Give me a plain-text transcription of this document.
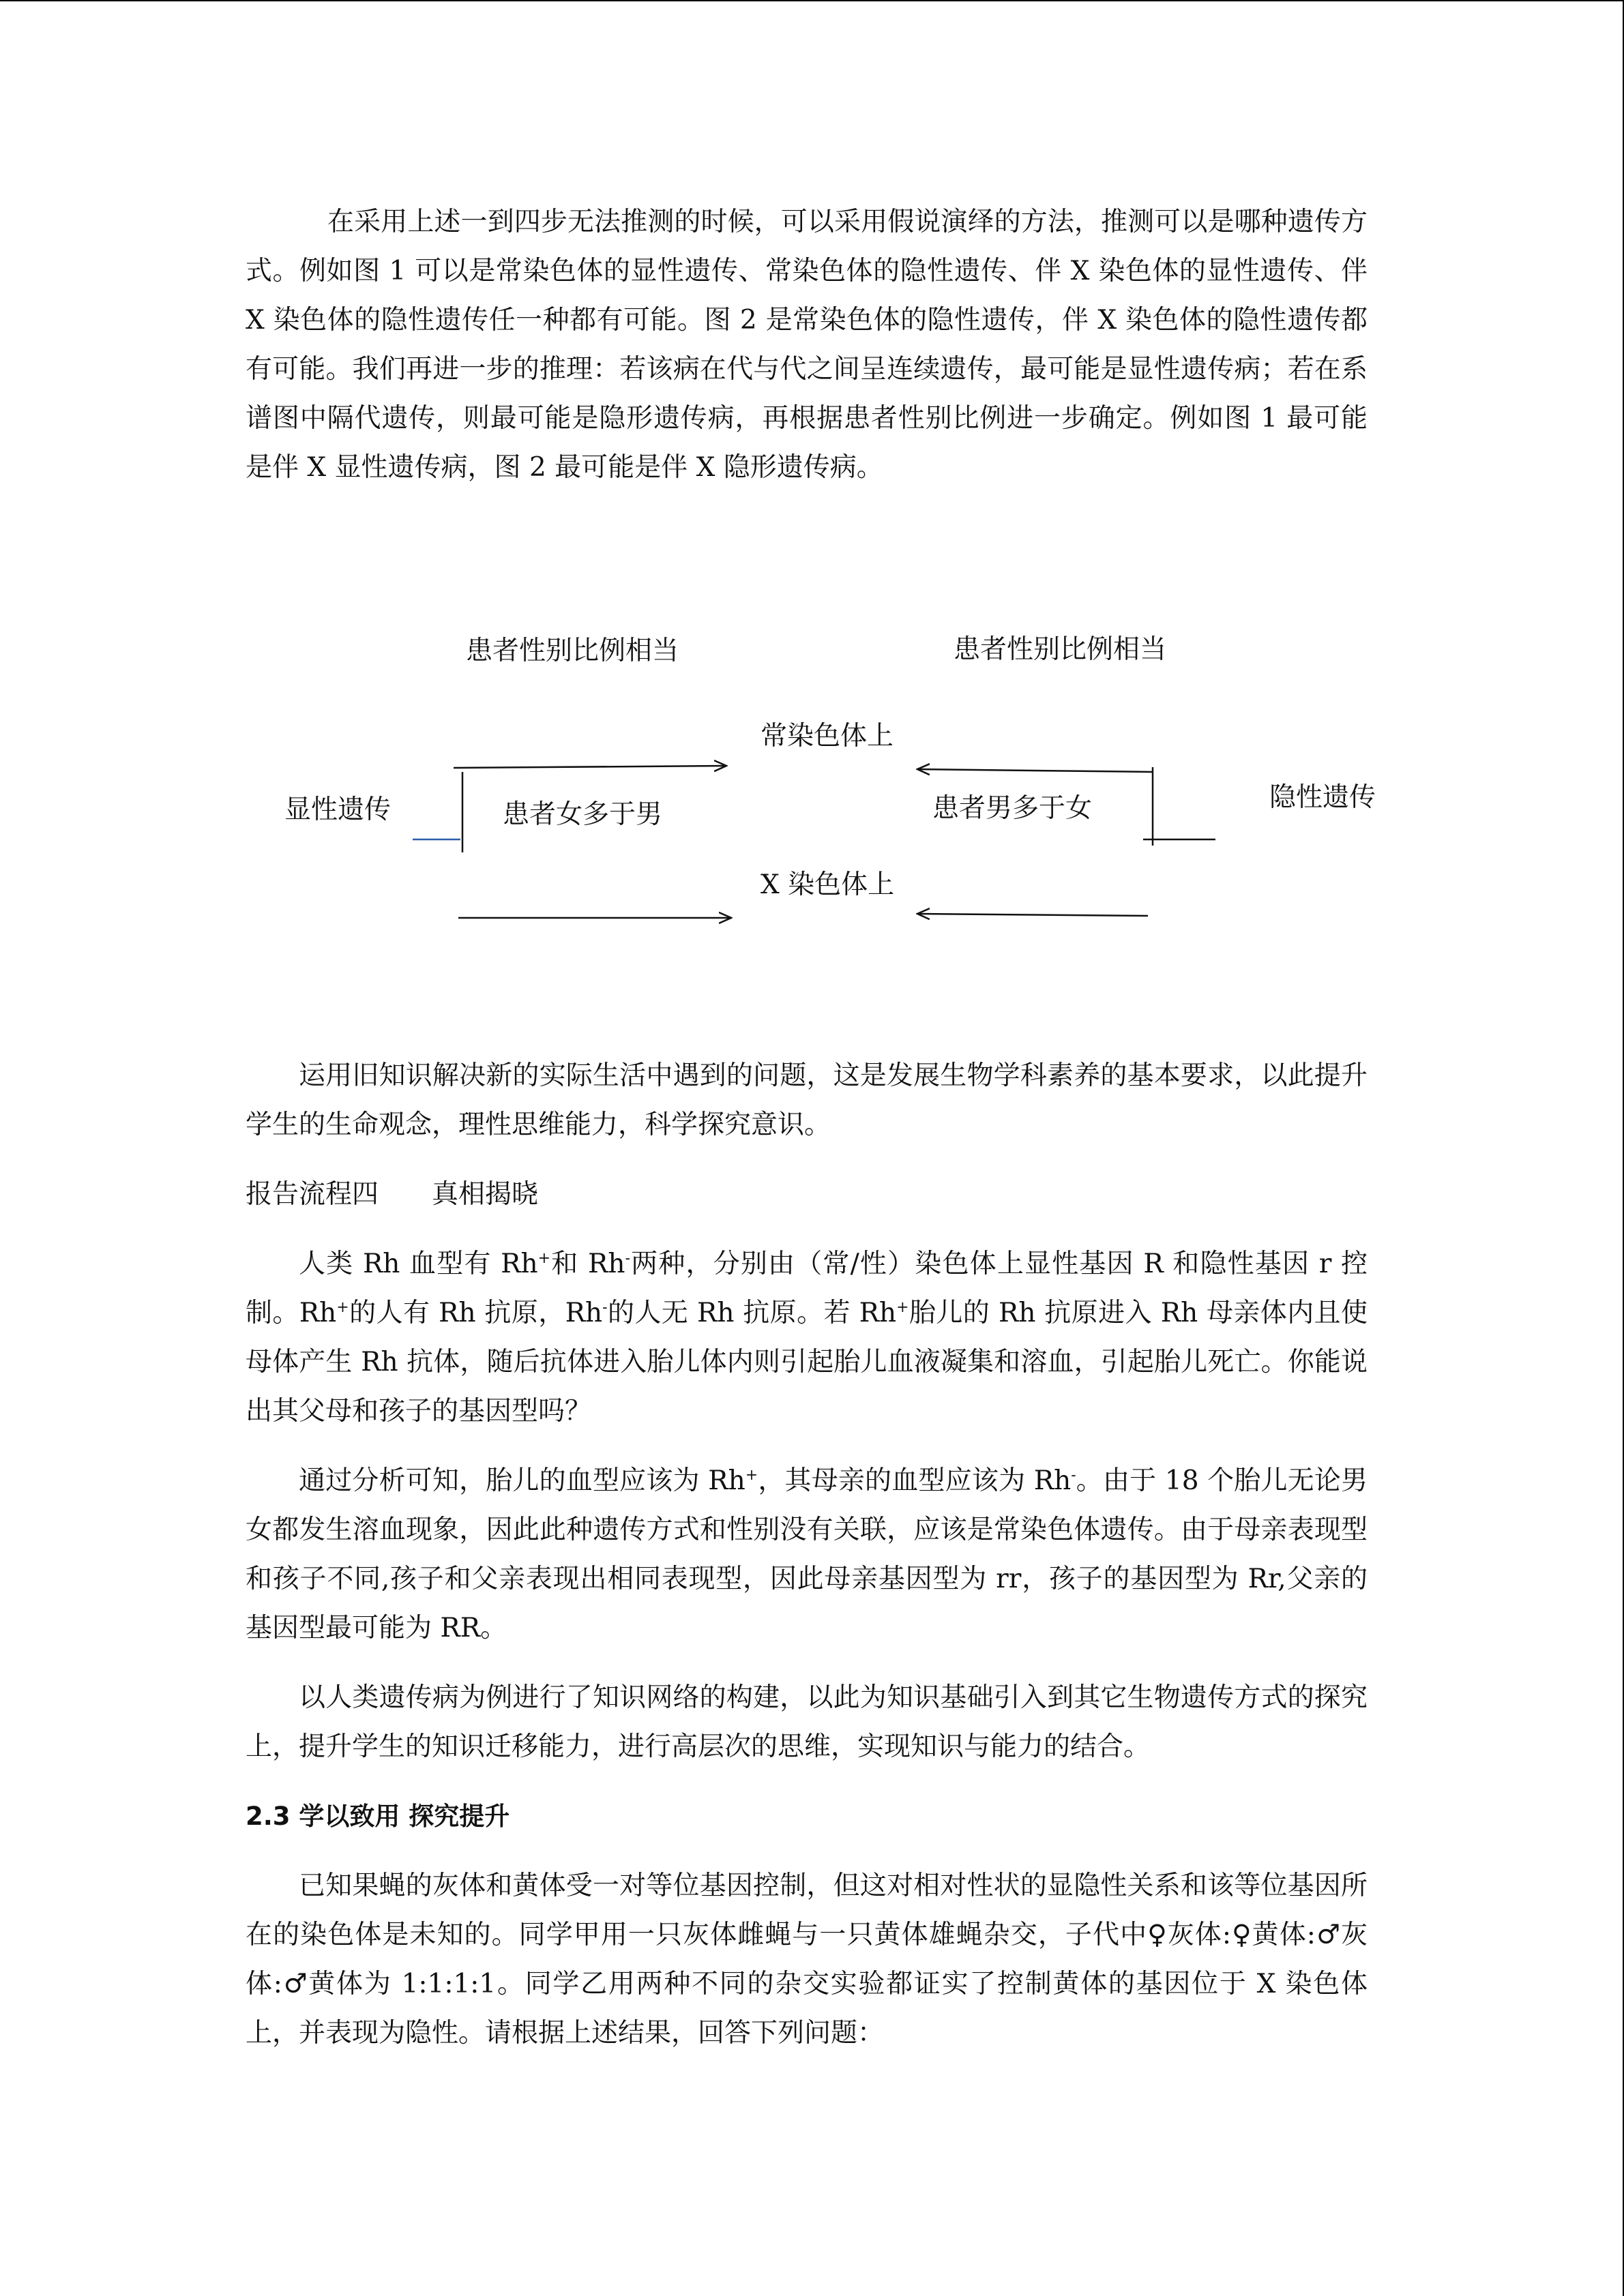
在采用上述一到四步无法推测的时候，可以采用假说演绎的方法，推测可以是哪种遗传方式。例如图 1 可以是常染色体的显性遗传、常染色体的隐性遗传、伴 X 染色体的显性遗传、伴 X 染色体的隐性遗传任一种都有可能。图 2 是常染色体的隐性遗传，伴 X 染色体的隐性遗传都有可能。我们再进一步的推理：若该病在代与代之间呈连续遗传，最可能是显性遗传病；若在系谱图中隔代遗传，则最可能是隐形遗传病，再根据患者性别比例进一步确定。例如图 1 最可能是伴 X 显性遗传病，图 2 最可能是伴 X 隐形遗传病。

患者性别比例相当	患者性别比例相当
常染色体上
显性遗传	患者女多于男	患者男多于女	隐性遗传
X 染色体上

运用旧知识解决新的实际生活中遇到的问题，这是发展生物学科素养的基本要求，以此提升学生的生命观念，理性思维能力，科学探究意识。

报告流程四　　真相揭晓

人类 Rh 血型有 Rh+和 Rh-两种，分别由（常/性）染色体上显性基因 R 和隐性基因 r 控制。Rh+的人有 Rh 抗原，Rh-的人无 Rh 抗原。若 Rh+胎儿的 Rh 抗原进入 Rh 母亲体内且使母体产生 Rh 抗体，随后抗体进入胎儿体内则引起胎儿血液凝集和溶血，引起胎儿死亡。你能说出其父母和孩子的基因型吗？

通过分析可知，胎儿的血型应该为 Rh+，其母亲的血型应该为 Rh-。由于 18 个胎儿无论男女都发生溶血现象，因此此种遗传方式和性别没有关联，应该是常染色体遗传。由于母亲表现型和孩子不同,孩子和父亲表现出相同表现型，因此母亲基因型为 rr，孩子的基因型为 Rr,父亲的基因型最可能为 RR。

以人类遗传病为例进行了知识网络的构建，以此为知识基础引入到其它生物遗传方式的探究上，提升学生的知识迁移能力，进行高层次的思维，实现知识与能力的结合。

2.3 学以致用 探究提升

已知果蝇的灰体和黄体受一对等位基因控制，但这对相对性状的显隐性关系和该等位基因所在的染色体是未知的。同学甲用一只灰体雌蝇与一只黄体雄蝇杂交，子代中♀灰体:♀黄体:♂灰体:♂黄体为 1:1:1:1。同学乙用两种不同的杂交实验都证实了控制黄体的基因位于 X 染色体上，并表现为隐性。请根据上述结果，回答下列问题：
